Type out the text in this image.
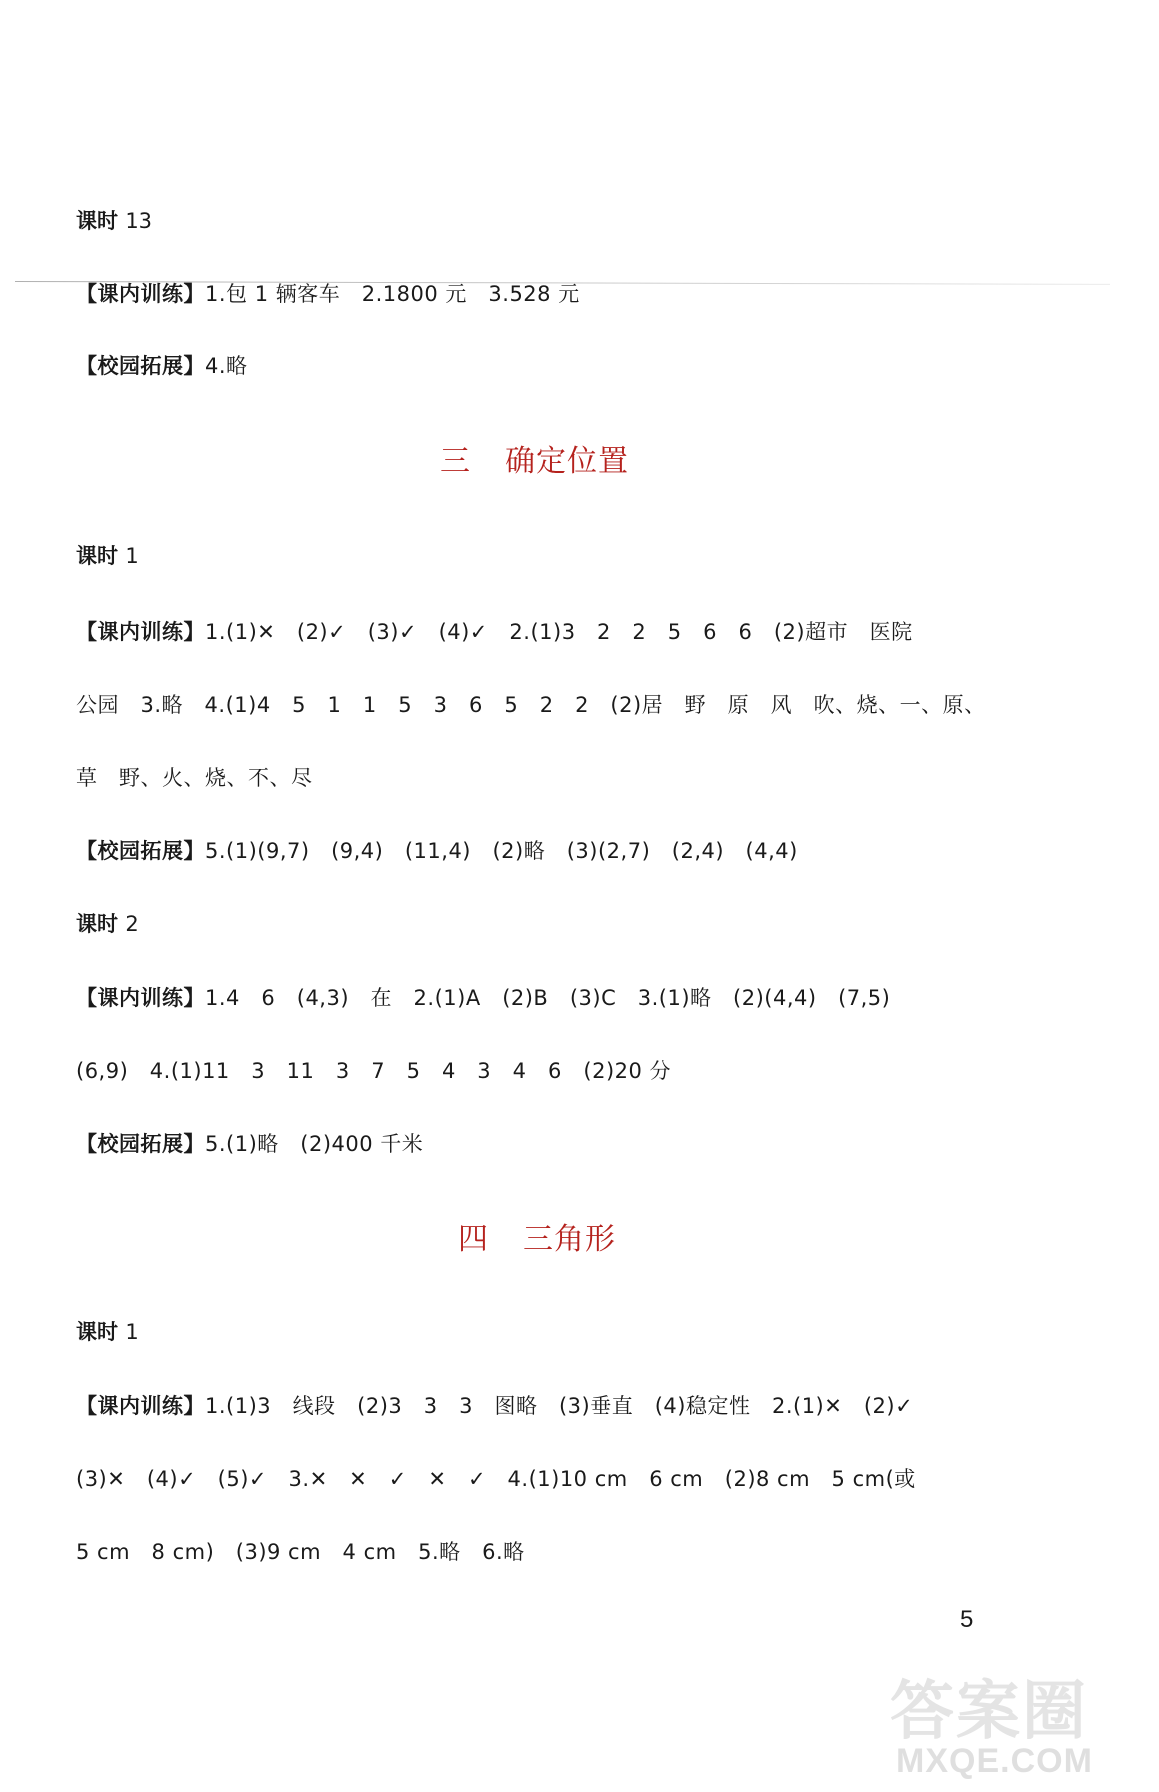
课时 13
【课内训练】1.包 1 辆客车　2.1800 元　3.528 元
【校园拓展】4.略
三 确定位置
课时 1
【课内训练】1.(1)✕　(2)✓　(3)✓　(4)✓　2.(1)3　2　2　5　6　6　(2)超市　医院
公园　3.略　4.(1)4　5　1　1　5　3　6　5　2　2　(2)居　野　原　风　吹、烧、一、原、
草　野、火、烧、不、尽
【校园拓展】5.(1)(9,7)　(9,4)　(11,4)　(2)略　(3)(2,7)　(2,4)　(4,4)
课时 2
【课内训练】1.4　6　(4,3)　在　2.(1)A　(2)B　(3)C　3.(1)略　(2)(4,4)　(7,5)
(6,9)　4.(1)11　3　11　3　7　5　4　3　4　6　(2)20 分
【校园拓展】5.(1)略　(2)400 千米
四 三角形
课时 1
【课内训练】1.(1)3　线段　(2)3　3　3　图略　(3)垂直　(4)稳定性　2.(1)✕　(2)✓
(3)✕　(4)✓　(5)✓　3.✕　✕　✓　✕　✓　4.(1)10 cm　6 cm　(2)8 cm　5 cm(或
5 cm　8 cm)　(3)9 cm　4 cm　5.略　6.略
5
答案圈
MXQE.COM
